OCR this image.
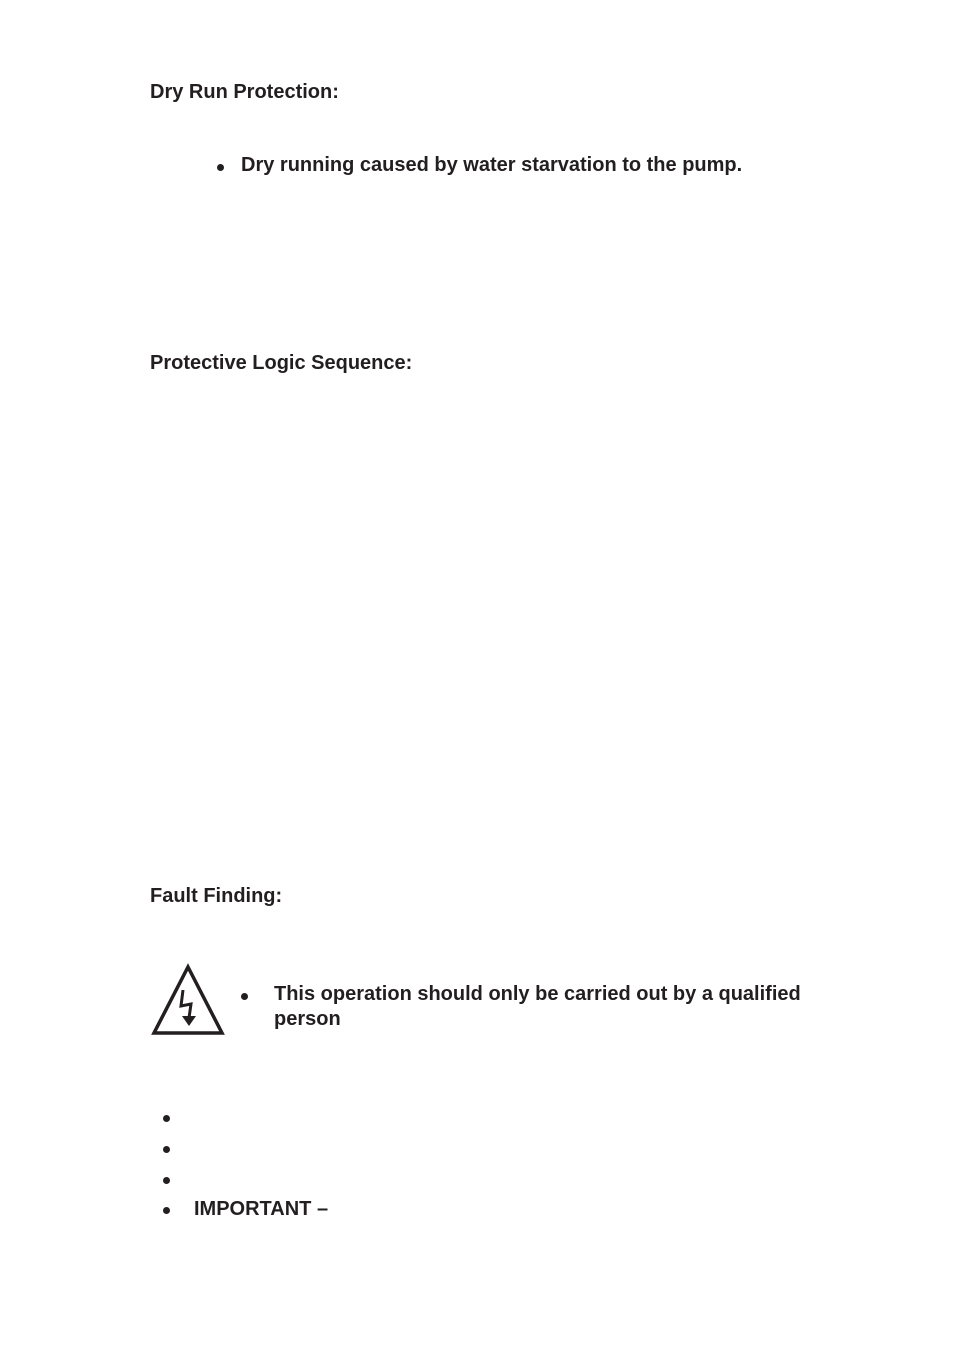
Dry Run Protection:
Dry running caused by water starvation to the pump.
Protective Logic Sequence:
Fault Finding:
This operation should only be carried out by a qualified person
IMPORTANT –
